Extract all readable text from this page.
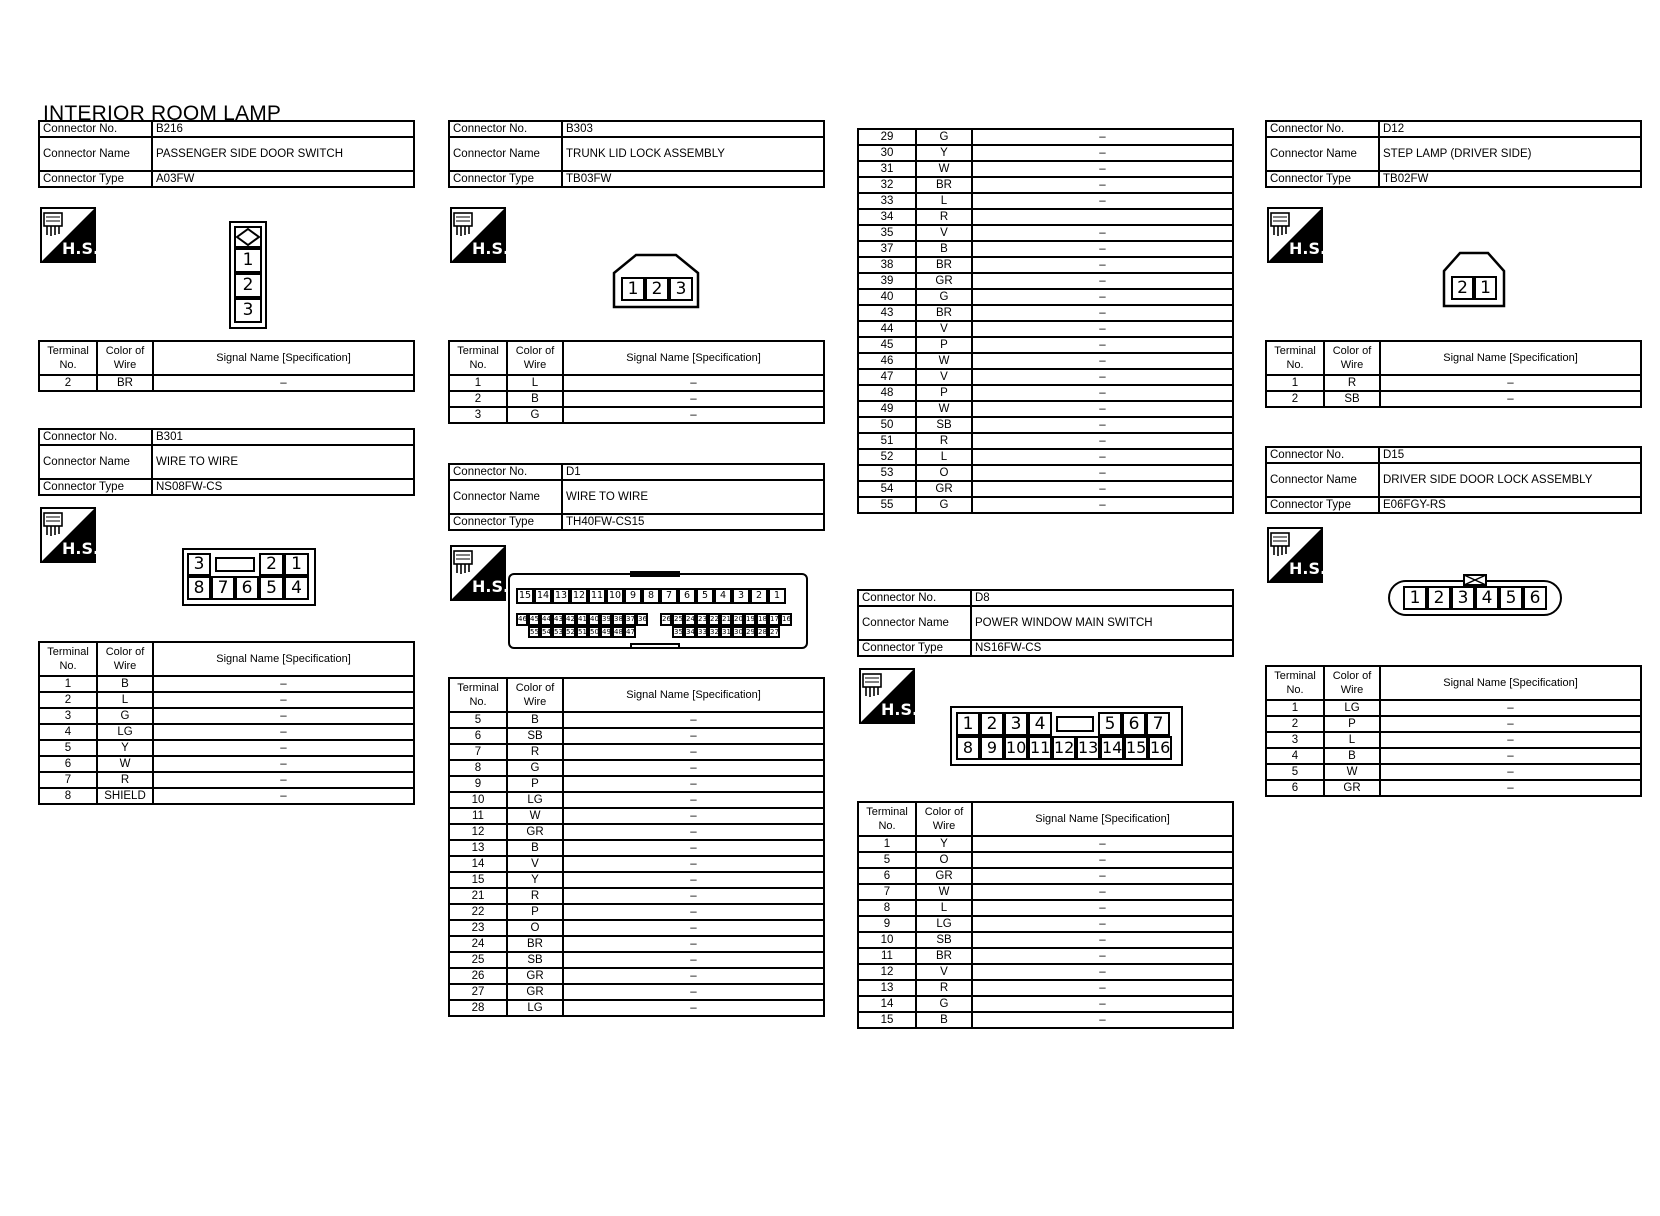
INTERIOR ROOM LAMP
Connector No.	B216
Connector Name	PASSENGER SIDE DOOR SWITCH
Connector Type	A03FW
H.S.
1
2
3
Terminal No.	Color of Wire	Signal Name [Specification]
2	BR	–
Connector No.	B301
Connector Name	WIRE TO WIRE
Connector Type	NS08FW-CS
H.S.
3	2 1
8 7 6 5 4
Terminal No.	Color of Wire	Signal Name [Specification]
1	B	–
2	L	–
3	G	–
4	LG	–
5	Y	–
6	W	–
7	R	–
8	SHIELD	–
Connector No.	B303
Connector Name	TRUNK LID LOCK ASSEMBLY
Connector Type	TB03FW
H.S.
1 2 3
Terminal No.	Color of Wire	Signal Name [Specification]
1	L	–
2	B	–
3	G	–
Connector No.	D1
Connector Name	WIRE TO WIRE
Connector Type	TH40FW-CS15
H.S.	15 14 13 12 11 10 9	8	7	6	5	4	3	2	1
46 45 44 43 42 41 40 39 38 37 36 26 25 24 23 22 21 20 19 18 17 16
55 54 53 52 51 50 49 48 47	35 34 33 32 31 30 29 28 27
Terminal No.	Color of Wire	Signal Name [Specification]
5	B	–
6	SB	–
7	R	–
8	G	–
9	P	–
10	LG	–
11	W	–
12	GR	–
13	B	–
14	V	–
15	Y	–
21	R	–
22	P	–
23	O	–
24	BR	–
25	SB	–
26	GR	–
27	GR	–
28	LG	–
29	G	–
30	Y	–
31	W	–
32	BR	–
33	L	–
34	R	
35	V	–
37	B	–
38	BR	–
39	GR	–
40	G	–
43	BR	–
44	V	–
45	P	–
46	W	–
47	V	–
48	P	–
49	W	–
50	SB	–
51	R	–
52	L	–
53	O	–
54	GR	–
55	G	–
Connector No.	D8
Connector Name	POWER WINDOW MAIN SWITCH
Connector Type	NS16FW-CS
H.S.
1 2 3 4	5 6 7
8 9 10 11 12 13 14 15 16
Terminal No.	Color of Wire	Signal Name [Specification]
1	Y	–
5	O	–
6	GR	–
7	W	–
8	L	–
9	LG	–
10	SB	–
11	BR	–
12	V	–
13	R	–
14	G	–
15	B	–
Connector No.	D12
Connector Name	STEP LAMP (DRIVER SIDE)
Connector Type	TB02FW
H.S.
2 1
Terminal No.	Color of Wire	Signal Name [Specification]
1	R	–
2	SB	–
Connector No.	D15
Connector Name	DRIVER SIDE DOOR LOCK ASSEMBLY
Connector Type	E06FGY-RS
H.S.
1 2 3 4 5 6
Terminal No.	Color of Wire	Signal Name [Specification]
1	LG	–
2	P	–
3	L	–
4	B	–
5	W	–
6	GR	–
